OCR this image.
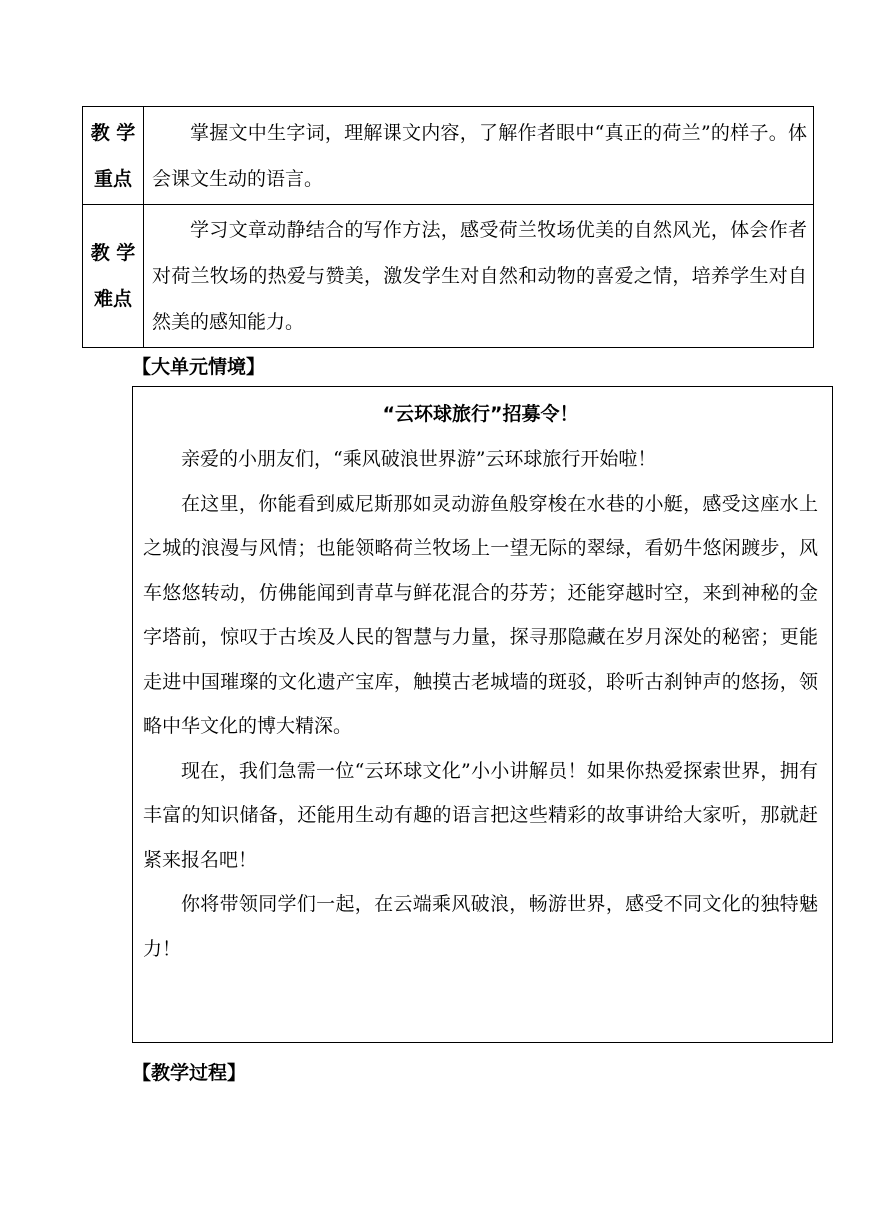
教 学
重点	掌握文中生字词，理解课文内容，了解作者眼中“真正的荷兰”的样子。体会课文生动的语言。

教 学
难点	学习文章动静结合的写作方法，感受荷兰牧场优美的自然风光，体会作者对荷兰牧场的热爱与赞美，激发学生对自然和动物的喜爱之情，培养学生对自然美的感知能力。
【大单元情境】
“云环球旅行”招募令！

亲爱的小朋友们，“乘风破浪世界游”云环球旅行开始啦！

在这里，你能看到威尼斯那如灵动游鱼般穿梭在水巷的小艇，感受这座水上之城的浪漫与风情；也能领略荷兰牧场上一望无际的翠绿，看奶牛悠闲踱步，风车悠悠转动，仿佛能闻到青草与鲜花混合的芬芳；还能穿越时空，来到神秘的金字塔前，惊叹于古埃及人民的智慧与力量，探寻那隐藏在岁月深处的秘密；更能走进中国璀璨的文化遗产宝库，触摸古老城墙的斑驳，聆听古刹钟声的悠扬，领略中华文化的博大精深。

现在，我们急需一位“云环球文化”小小讲解员！如果你热爱探索世界，拥有丰富的知识储备，还能用生动有趣的语言把这些精彩的故事讲给大家听，那就赶紧来报名吧！

你将带领同学们一起，在云端乘风破浪，畅游世界，感受不同文化的独特魅力！

【教学过程】
